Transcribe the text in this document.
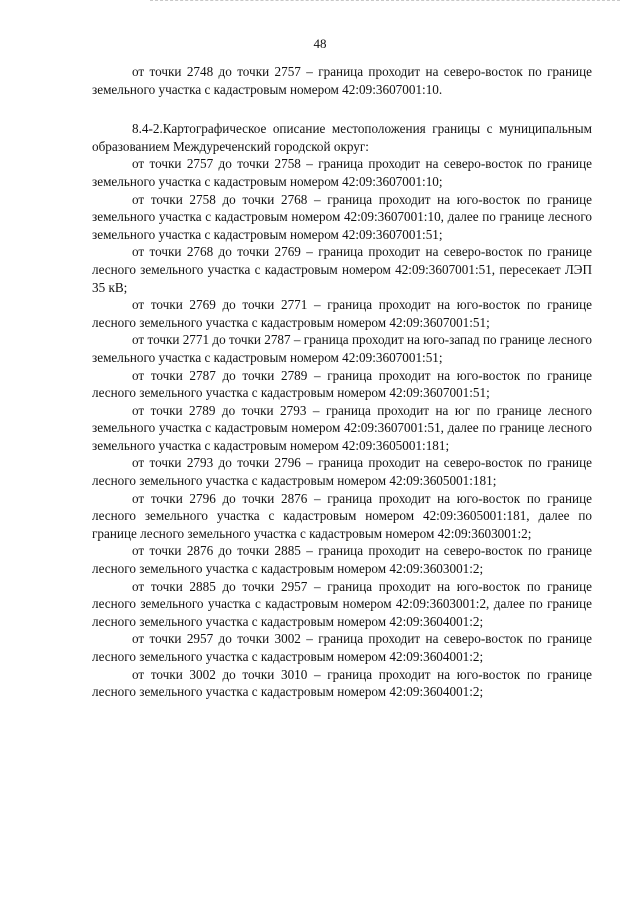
48

от точки 2748 до точки 2757 – граница проходит на северо-восток по границе земельного участка с кадастровым номером 42:09:3607001:10.

8.4-2.Картографическое описание местоположения границы с муниципальным образованием Междуреченский городской округ:

от точки 2757 до точки 2758 – граница проходит на северо-восток по границе земельного участка с кадастровым номером 42:09:3607001:10;

от точки 2758 до точки 2768 – граница проходит на юго-восток по границе земельного участка с кадастровым номером 42:09:3607001:10, далее по границе лесного земельного участка с кадастровым номером 42:09:3607001:51;

от точки 2768 до точки 2769 – граница проходит на северо-восток по границе лесного земельного участка с кадастровым номером 42:09:3607001:51, пересекает ЛЭП 35 кВ;

от точки 2769 до точки 2771 – граница проходит на юго-восток по границе лесного земельного участка с кадастровым номером 42:09:3607001:51;

от точки 2771 до точки 2787 – граница проходит на юго-запад по границе лесного земельного участка с кадастровым номером 42:09:3607001:51;

от точки 2787 до точки 2789 – граница проходит на юго-восток по границе лесного земельного участка с кадастровым номером 42:09:3607001:51;

от точки 2789 до точки 2793 – граница проходит на юг по границе лесного земельного участка с кадастровым номером 42:09:3607001:51, далее по границе лесного земельного участка с кадастровым номером 42:09:3605001:181;

от точки 2793 до точки 2796 – граница проходит на северо-восток по границе лесного земельного участка с кадастровым номером 42:09:3605001:181;

от точки 2796 до точки 2876 – граница проходит на юго-восток по границе лесного земельного участка с кадастровым номером 42:09:3605001:181, далее по границе лесного земельного участка с кадастровым номером 42:09:3603001:2;

от точки 2876 до точки 2885 – граница проходит на северо-восток по границе лесного земельного участка с кадастровым номером 42:09:3603001:2;

от точки 2885 до точки 2957 – граница проходит на юго-восток по границе лесного земельного участка с кадастровым номером 42:09:3603001:2, далее по границе лесного земельного участка с кадастровым номером 42:09:3604001:2;

от точки 2957 до точки 3002 – граница проходит на северо-восток по границе лесного земельного участка с кадастровым номером 42:09:3604001:2;

от точки 3002 до точки 3010 – граница проходит на юго-восток по границе лесного земельного участка с кадастровым номером 42:09:3604001:2;
